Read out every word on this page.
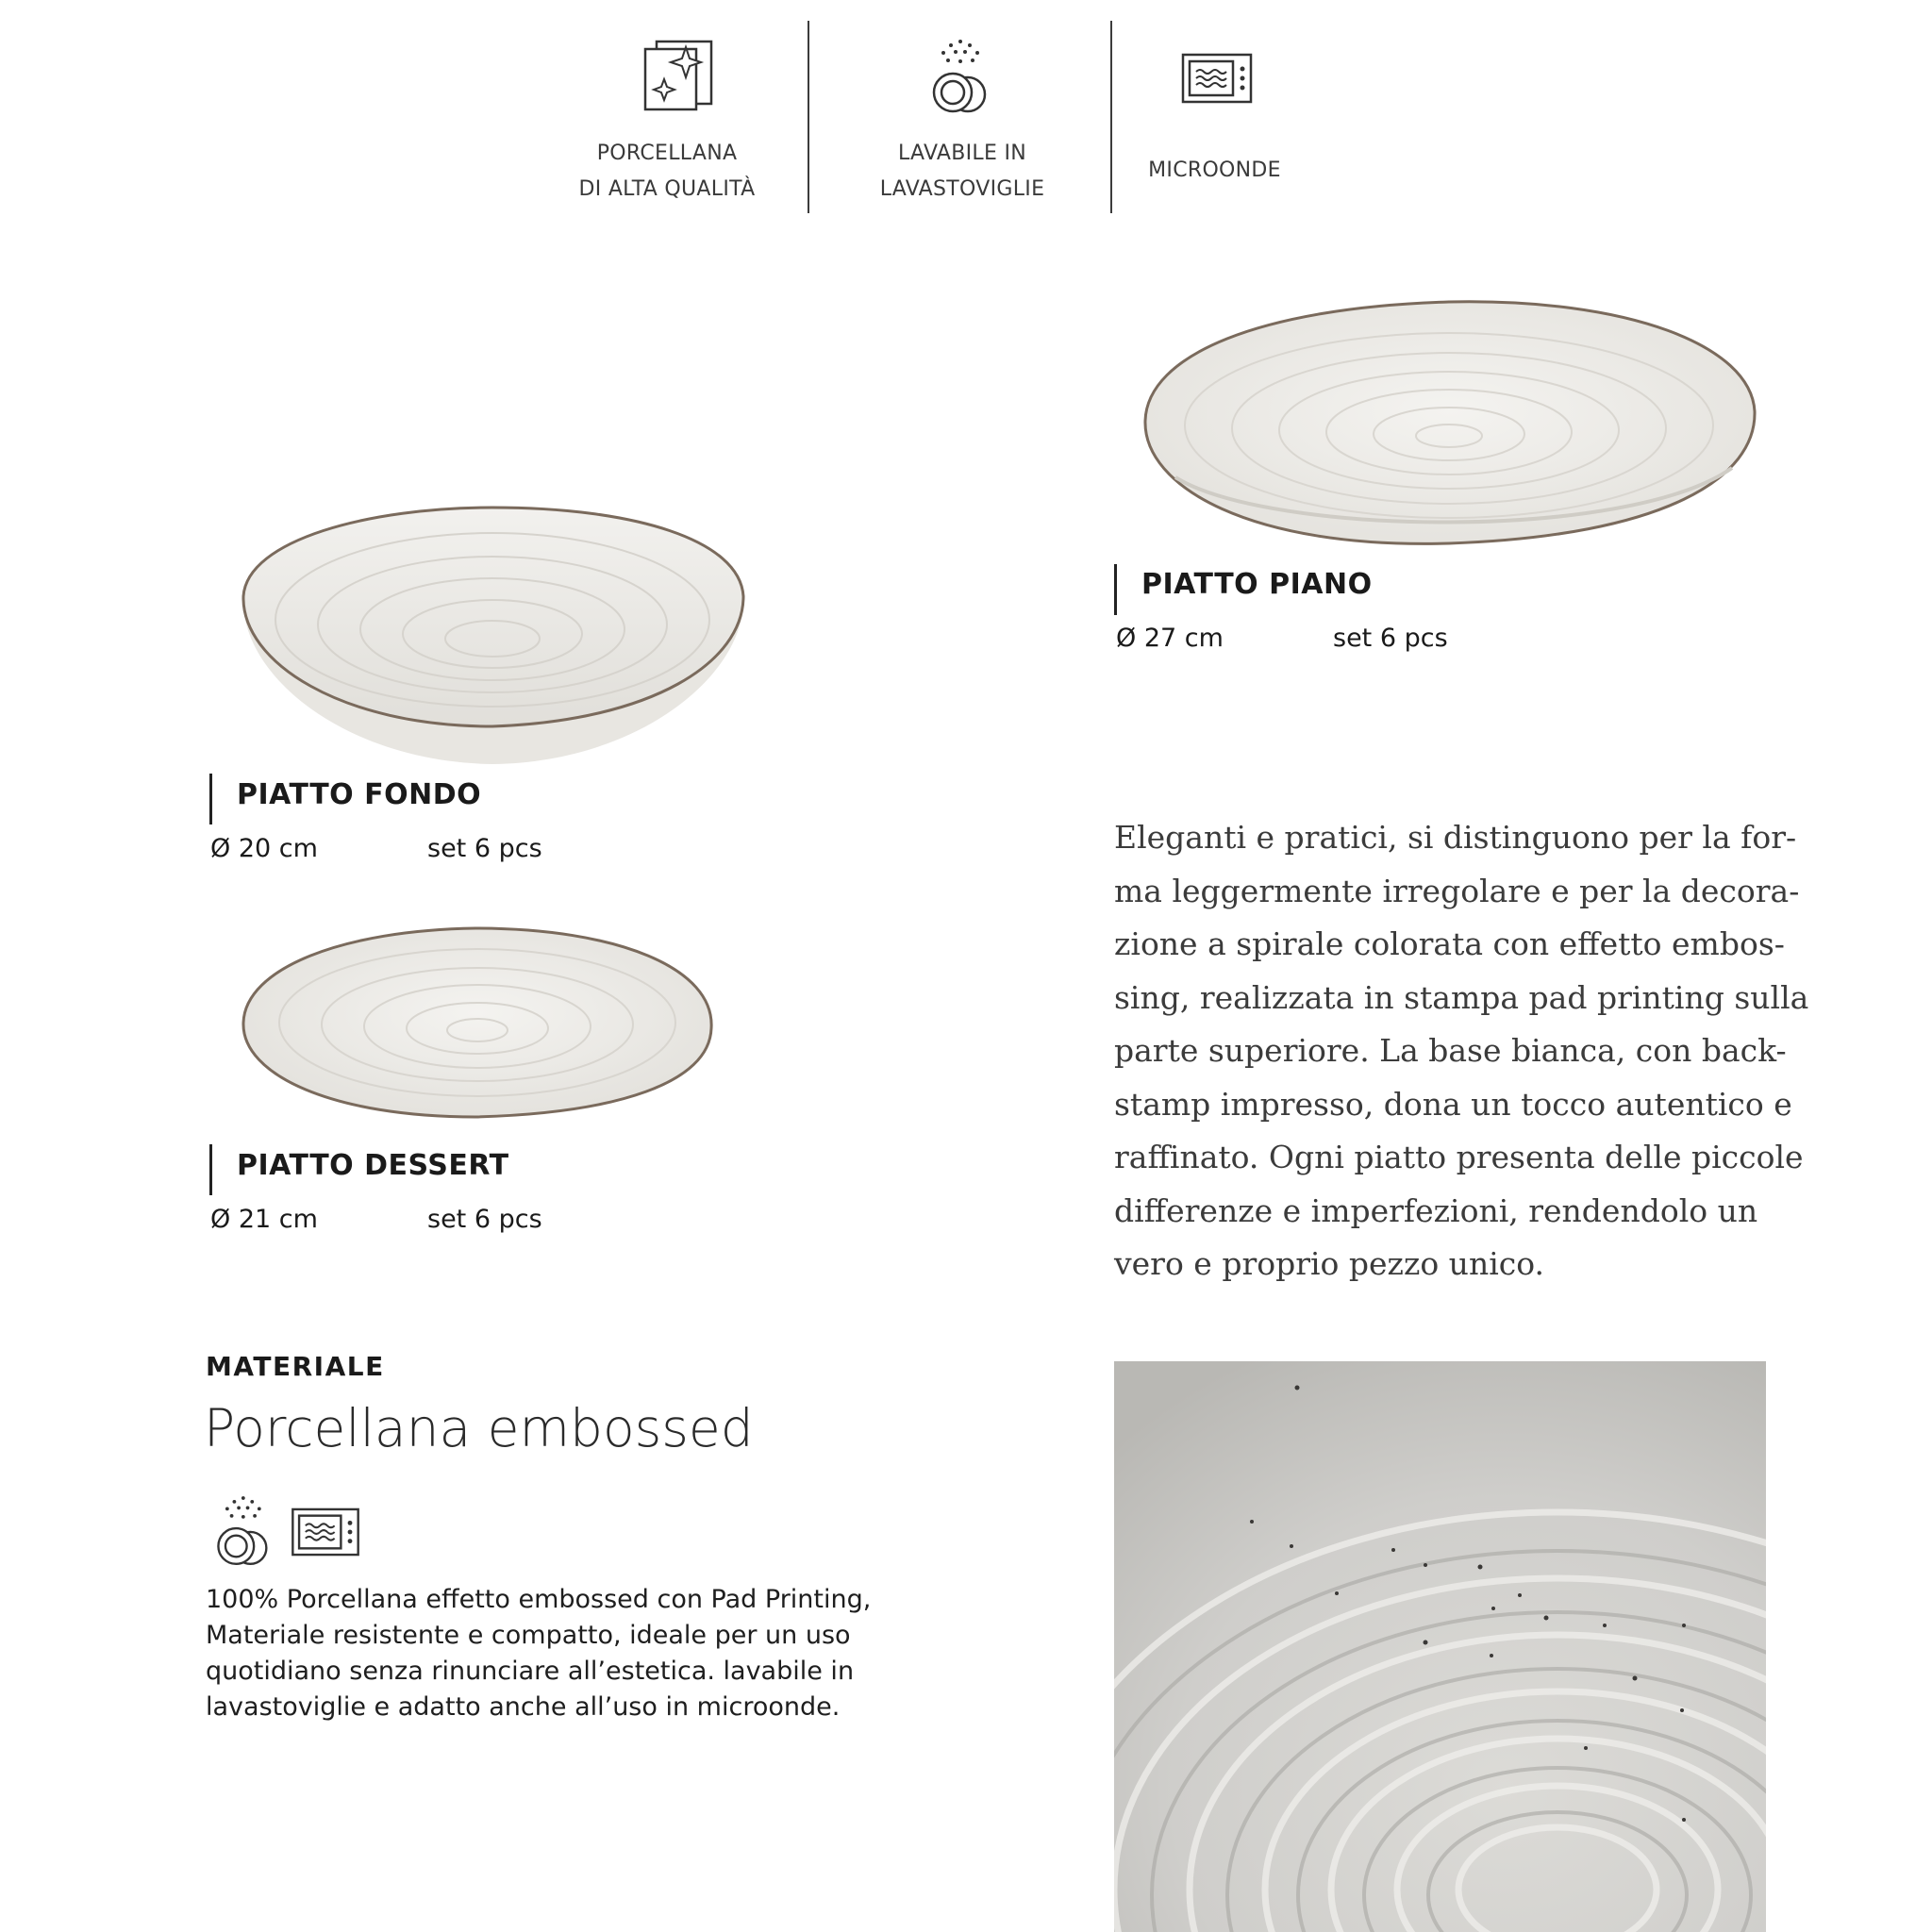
PORCELLANA
DI ALTA QUALITÀ
LAVABILE IN
LAVASTOVIGLIE
MICROONDE
PIATTO PIANO
Ø 27 cm	set 6 pcs
PIATTO FONDO
Ø 20 cm	set 6 pcs
PIATTO DESSERT
Ø 21 cm	set 6 pcs
Eleganti e pratici, si distinguono per la for-
ma leggermente irregolare e per la decora-
zione a spirale colorata con effetto embos-
sing, realizzata in stampa pad printing sulla
parte superiore. La base bianca, con back-
stamp impresso, dona un tocco autentico e
raffinato. Ogni piatto presenta delle piccole
differenze e imperfezioni, rendendolo un
vero e proprio pezzo unico.
MATERIALE
Porcellana embossed
100% Porcellana effetto embossed con Pad Printing,
Materiale resistente e compatto, ideale per un uso
quotidiano senza rinunciare all’estetica. lavabile in
lavastoviglie e adatto anche all’uso in microonde.
